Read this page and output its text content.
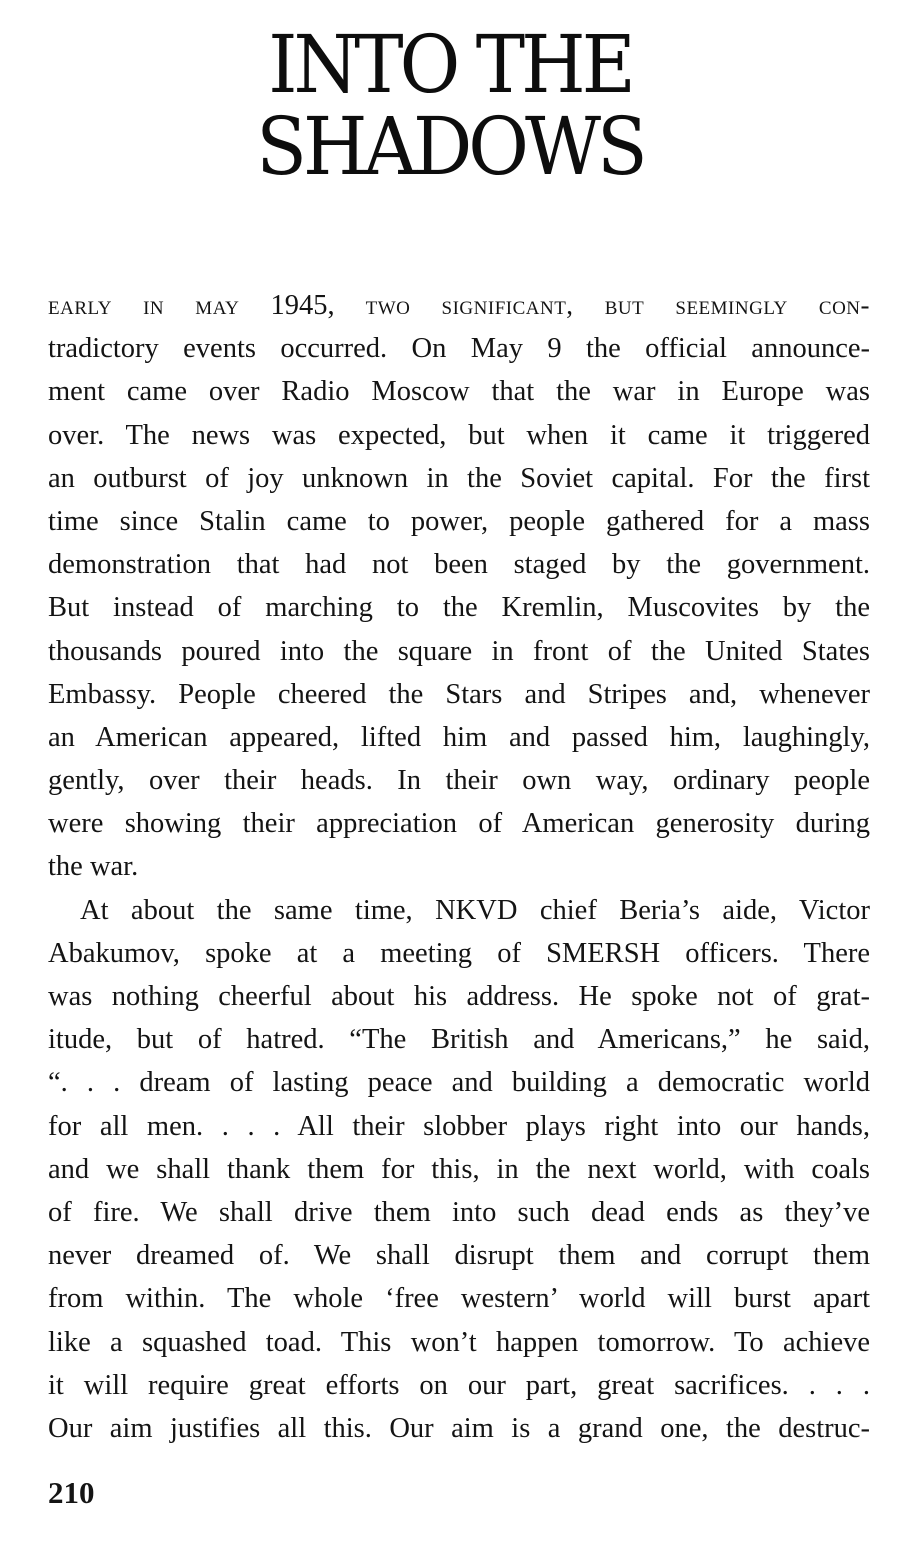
INTO THE
SHADOWS
early in may 1945, two significant, but seemingly con-
tradictory events occurred. On May 9 the official announce-
ment came over Radio Moscow that the war in Europe was
over. The news was expected, but when it came it triggered
an outburst of joy unknown in the Soviet capital. For the first
time since Stalin came to power, people gathered for a mass
demonstration that had not been staged by the government.
But instead of marching to the Kremlin, Muscovites by the
thousands poured into the square in front of the United States
Embassy. People cheered the Stars and Stripes and, whenever
an American appeared, lifted him and passed him, laughingly,
gently, over their heads. In their own way, ordinary people
were showing their appreciation of American generosity during
the war.
At about the same time, NKVD chief Beria’s aide, Victor
Abakumov, spoke at a meeting of SMERSH officers. There
was nothing cheerful about his address. He spoke not of grat-
itude, but of hatred. “The British and Americans,” he said,
“. . . dream of lasting peace and building a democratic world
for all men. . . . All their slobber plays right into our hands,
and we shall thank them for this, in the next world, with coals
of fire. We shall drive them into such dead ends as they’ve
never dreamed of. We shall disrupt them and corrupt them
from within. The whole ‘free western’ world will burst apart
like a squashed toad. This won’t happen tomorrow. To achieve
it will require great efforts on our part, great sacrifices. . . .
Our aim justifies all this. Our aim is a grand one, the destruc-
210
